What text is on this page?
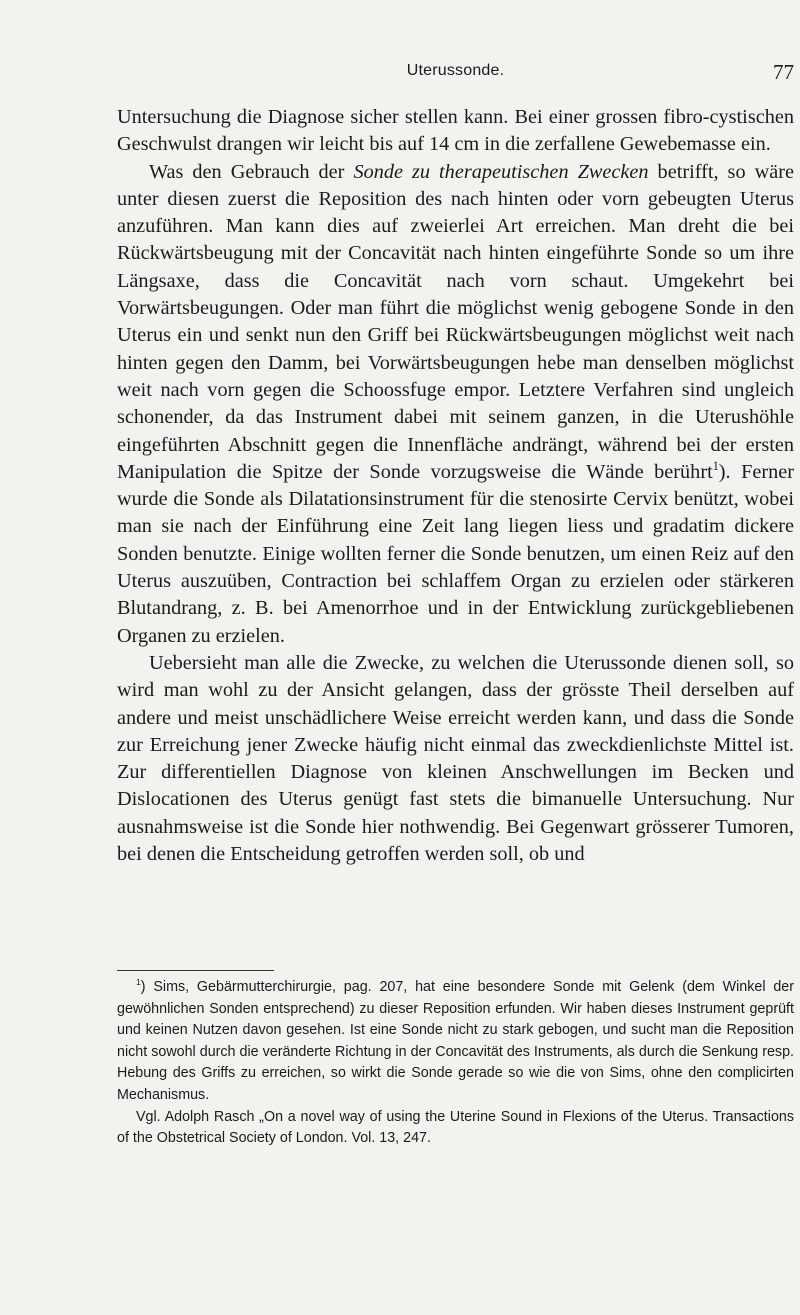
Uterussonde.	77

Untersuchung die Diagnose sicher stellen kann. Bei einer grossen fibro-cystischen Geschwulst drangen wir leicht bis auf 14 cm in die zerfallene Gewebemasse ein.

Was den Gebrauch der Sonde zu therapeutischen Zwecken betrifft, so wäre unter diesen zuerst die Reposition des nach hinten oder vorn gebeugten Uterus anzuführen. Man kann dies auf zweierlei Art erreichen. Man dreht die bei Rückwärtsbeugung mit der Concavität nach hinten eingeführte Sonde so um ihre Längsaxe, dass die Concavität nach vorn schaut. Umgekehrt bei Vorwärtsbeugungen. Oder man führt die möglichst wenig gebogene Sonde in den Uterus ein und senkt nun den Griff bei Rückwärtsbeugungen möglichst weit nach hinten gegen den Damm, bei Vorwärtsbeugungen hebe man denselben möglichst weit nach vorn gegen die Schoossfuge empor. Letztere Verfahren sind ungleich schonender, da das Instrument dabei mit seinem ganzen, in die Uterushöhle eingeführten Abschnitt gegen die Innenfläche andrängt, während bei der ersten Manipulation die Spitze der Sonde vorzugsweise die Wände berührt$^1$). Ferner wurde die Sonde als Dilatationsinstrument für die stenosirte Cervix benützt, wobei man sie nach der Einführung eine Zeit lang liegen liess und gradatim dickere Sonden benutzte. Einige wollten ferner die Sonde benutzen, um einen Reiz auf den Uterus auszuüben, Contraction bei schlaffem Organ zu erzielen oder stärkeren Blutandrang, z. B. bei Amenorrhoe und in der Entwicklung zurückgebliebenen Organen zu erzielen.

Uebersieht man alle die Zwecke, zu welchen die Uterussonde dienen soll, so wird man wohl zu der Ansicht gelangen, dass der grösste Theil derselben auf andere und meist unschädlichere Weise erreicht werden kann, und dass die Sonde zur Erreichung jener Zwecke häufig nicht einmal das zweckdienlichste Mittel ist. Zur differentiellen Diagnose von kleinen Anschwellungen im Becken und Dislocationen des Uterus genügt fast stets die bimanuelle Untersuchung. Nur ausnahmsweise ist die Sonde hier nothwendig. Bei Gegenwart grösserer Tumoren, bei denen die Entscheidung getroffen werden soll, ob und

$^1$) Sims, Gebärmutterchirurgie, pag. 207, hat eine besondere Sonde mit Gelenk (dem Winkel der gewöhnlichen Sonden entsprechend) zu dieser Reposition erfunden. Wir haben dieses Instrument geprüft und keinen Nutzen davon gesehen. Ist eine Sonde nicht zu stark gebogen, und sucht man die Reposition nicht sowohl durch die veränderte Richtung in der Concavität des Instruments, als durch die Senkung resp. Hebung des Griffs zu erreichen, so wirkt die Sonde gerade so wie die von Sims, ohne den complicirten Mechanismus.

Vgl. Adolph Rasch „On a novel way of using the Uterine Sound in Flexions of the Uterus. Transactions of the Obstetrical Society of London. Vol. 13, 247.
